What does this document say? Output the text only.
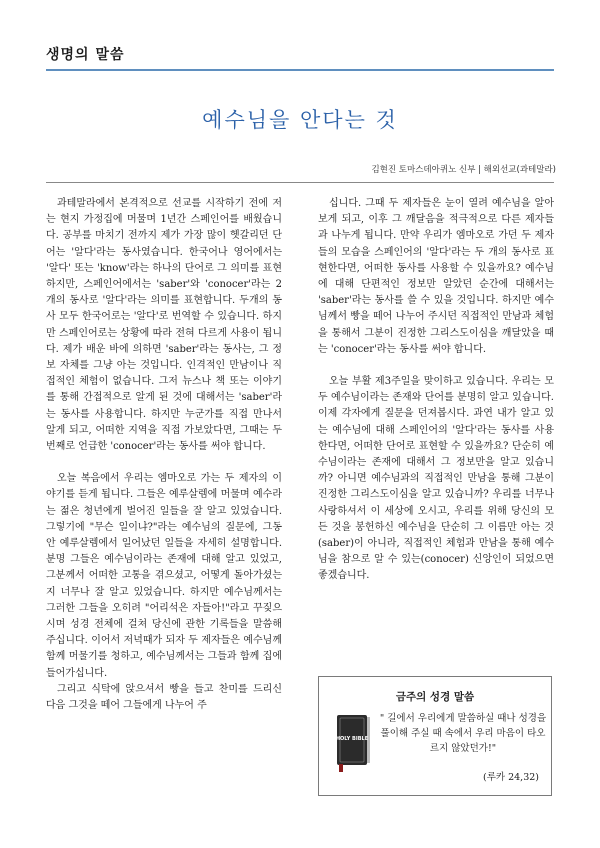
생명의 말씀
예수님을 안다는 것
김현진 토마스데아퀴노 신부 | 해외선교(과테말라)

과테말라에서 본격적으로 선교를 시작하기 전에 저는 현지 가정집에 머물며 1년간 스페인어를 배웠습니다. 공부를 마치기 전까지 제가 가장 많이 헷갈리던 단어는 '알다'라는 동사였습니다. 한국어나 영어에서는 '알다' 또는 'know'라는 하나의 단어로 그 의미를 표현하지만, 스페인어에서는 'saber'와 'conocer'라는 2개의 동사로 '알다'라는 의미를 표현합니다. 두개의 동사 모두 한국어로는 '알다'로 번역할 수 있습니다. 하지만 스페인어로는 상황에 따라 전혀 다르게 사용이 됩니다. 제가 배운 바에 의하면 'saber'라는 동사는, 그 정보 자체를 그냥 아는 것입니다. 인격적인 만남이나 직접적인 체험이 없습니다. 그저 뉴스나 책 또는 이야기를 통해 간접적으로 알게 된 것에 대해서는 'saber'라는 동사를 사용합니다. 하지만 누군가를 직접 만나서 알게 되고, 어떠한 지역을 직접 가보았다면, 그때는 두 번째로 언급한 'conocer'라는 동사를 써야 합니다.

오늘 복음에서 우리는 엠마오로 가는 두 제자의 이야기를 듣게 됩니다. 그들은 예루살렘에 머물며 예수라는 젊은 청년에게 벌어진 일들을 잘 알고 있었습니다. 그렇기에 "무슨 일이냐?"라는 예수님의 질문에, 그동안 예루살렘에서 일어났던 일들을 자세히 설명합니다. 분명 그들은 예수님이라는 존재에 대해 알고 있었고, 그분께서 어떠한 고통을 겪으셨고, 어떻게 돌아가셨는지 너무나 잘 알고 있었습니다. 하지만 예수님께서는 그러한 그들을 오히려 "어리석은 자들아!"라고 꾸짖으시며 성경 전체에 걸쳐 당신에 관한 기록들을 말씀해 주십니다. 이어서 저녁때가 되자 두 제자들은 예수님께 함께 머물기를 청하고, 예수님께서는 그들과 함께 집에 들어가십니다.

그리고 식탁에 앉으셔서 빵을 들고 찬미를 드리신 다음 그것을 떼어 그들에게 나누어 주

십니다. 그때 두 제자들은 눈이 열려 예수님을 알아보게 되고, 이후 그 깨달음을 적극적으로 다른 제자들과 나누게 됩니다. 만약 우리가 엠마오로 가던 두 제자들의 모습을 스페인어의 '알다'라는 두 개의 동사로 표현한다면, 어떠한 동사를 사용할 수 있을까요? 예수님에 대해 단편적인 정보만 알았던 순간에 대해서는 'saber'라는 동사를 쓸 수 있을 것입니다. 하지만 예수님께서 빵을 떼어 나누어 주시던 직접적인 만남과 체험을 통해서 그분이 진정한 그리스도이심을 깨달았을 때는 'conocer'라는 동사를 써야 합니다.

오늘 부활 제3주일을 맞이하고 있습니다. 우리는 모두 예수님이라는 존재와 단어를 분명히 알고 있습니다. 이제 각자에게 질문을 던져봅시다. 과연 내가 알고 있는 예수님에 대해 스페인어의 '알다'라는 동사를 사용한다면, 어떠한 단어로 표현할 수 있을까요? 단순히 예수님이라는 존재에 대해서 그 정보만을 알고 있습니까? 아니면 예수님과의 직접적인 만남을 통해 그분이 진정한 그리스도이심을 알고 있습니까? 우리를 너무나 사랑하셔서 이 세상에 오시고, 우리를 위해 당신의 모든 것을 봉헌하신 예수님을 단순히 그 이름만 아는 것(saber)이 아니라, 직접적인 체험과 만남을 통해 예수님을 참으로 알 수 있는(conocer) 신앙인이 되었으면 좋겠습니다.

금주의 성경 말씀
HOLY BIBLE
" 길에서 우리에게 말씀하실 때나 성경을 풀이해 주실 때 속에서 우리 마음이 타오르지 않았던가!"
(루카 24,32)
